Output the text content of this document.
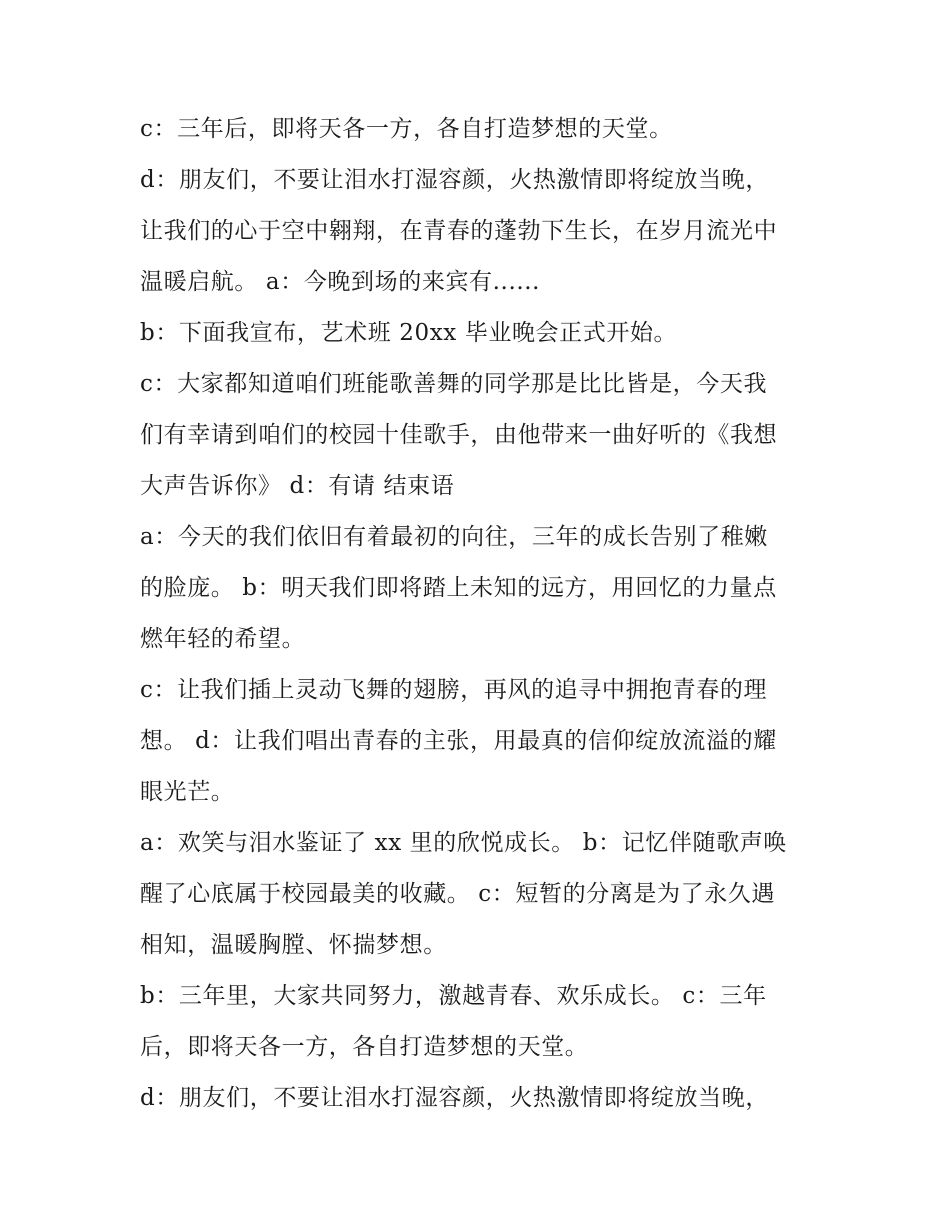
c：三年后，即将天各一方，各自打造梦想的天堂。
d：朋友们，不要让泪水打湿容颜，火热激情即将绽放当晚，
让我们的心于空中翱翔，在青春的蓬勃下生长，在岁月流光中
温暖启航。 a：今晚到场的来宾有......
b：下面我宣布，艺术班 20xx 毕业晚会正式开始。
c：大家都知道咱们班能歌善舞的同学那是比比皆是，今天我
们有幸请到咱们的校园十佳歌手，由他带来一曲好听的《我想
大声告诉你》 d：有请 结束语
a：今天的我们依旧有着最初的向往，三年的成长告别了稚嫩
的脸庞。 b：明天我们即将踏上未知的远方，用回忆的力量点
燃年轻的希望。
c：让我们插上灵动飞舞的翅膀，再风的追寻中拥抱青春的理
想。 d：让我们唱出青春的主张，用最真的信仰绽放流溢的耀
眼光芒。
a：欢笑与泪水鉴证了 xx 里的欣悦成长。 b：记忆伴随歌声唤
醒了心底属于校园最美的收藏。 c：短暂的分离是为了永久遇
相知，温暖胸膛、怀揣梦想。
b：三年里，大家共同努力，激越青春、欢乐成长。 c：三年
后，即将天各一方，各自打造梦想的天堂。
d：朋友们，不要让泪水打湿容颜，火热激情即将绽放当晚，
